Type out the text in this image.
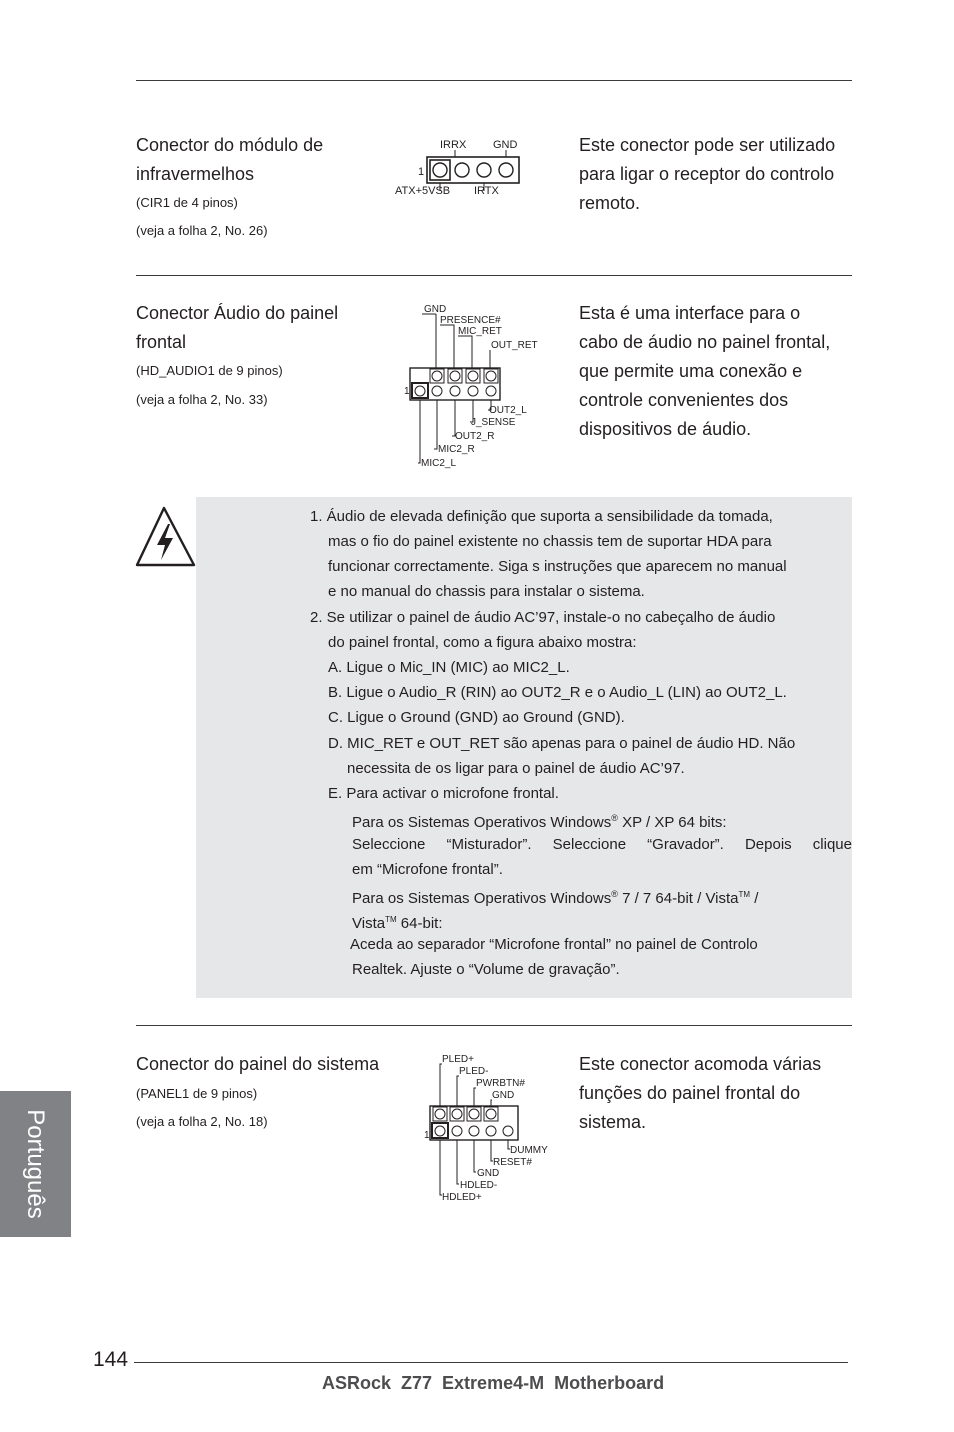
Conector do módulo de
infravermelhos
(CIR1 de 4 pinos)
(veja a folha 2, No. 26)
IRRX GND
1
ATX+5VSB IRTX
Este conector pode ser utilizado
para ligar o receptor do controlo
remoto.
Conector Áudio do painel
frontal
(HD_AUDIO1 de 9 pinos)
(veja a folha 2, No. 33)
GND
PRESENCE#
MIC_RET
OUT_RET
1
OUT2_L
J_SENSE
OUT2_R
MIC2_R
MIC2_L
Esta é uma interface para o
cabo de áudio no painel frontal,
que permite uma conexão e
controle convenientes dos
dispositivos de áudio.
1. Áudio de elevada definição que suporta a sensibilidade da tomada,
mas o fio do painel existente no chassis tem de suportar HDA para
funcionar correctamente. Siga s instruções que aparecem no manual
e no manual do chassis para instalar o sistema.
2. Se utilizar o painel de áudio AC’97, instale-o no cabeçalho de áudio
do painel frontal, como a figura abaixo mostra:
A. Ligue o Mic_IN (MIC) ao MIC2_L.
B. Ligue o Audio_R (RIN) ao OUT2_R e o Audio_L (LIN) ao OUT2_L.
C. Ligue o Ground (GND) ao Ground (GND).
D. MIC_RET e OUT_RET são apenas para o painel de áudio HD. Não
necessita de os ligar para o painel de áudio AC’97.
E. Para activar o microfone frontal.
Para os Sistemas Operativos Windows® XP / XP 64 bits:
Seleccione “Misturador”. Seleccione “Gravador”. Depois clique
em “Microfone frontal”.
Para os Sistemas Operativos Windows® 7 / 7 64-bit / Vista™ /
Vista™ 64-bit:
Aceda ao separador “Microfone frontal” no painel de Controlo
Realtek. Ajuste o “Volume de gravação”.
Conector do painel do sistema
(PANEL1 de 9 pinos)
(veja a folha 2, No. 18)
PLED+
PLED-
PWRBTN#
GND
1
DUMMY
RESET#
GND
HDLED-
HDLED+
Este conector acomoda várias
funções do painel frontal do
sistema.
Português
144
ASRock  Z77  Extreme4-M  Motherboard
